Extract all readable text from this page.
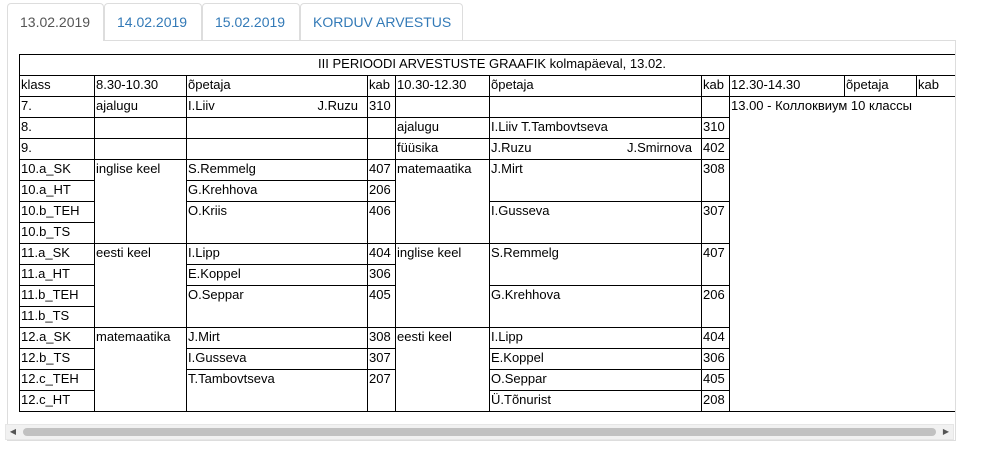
13.02.2019	14.02.2019	15.02.2019	KORDUV ARVESTUS
III PERIOODI ARVESTUSTE GRAAFIK kolmapäeval, 13.02.									
klass	8.30-10.30	õpetaja	kab	10.30-12.30	õpetaja	kab	12.30-14.30	õpetaja	kab
7.	ajalugu	I.Liiv J.Ruzu	310				13.00 - Коллоквиум 10 классы		
8.				ajalugu	I.Liiv T.Tambovtseva	310			
9.				füüsika	J.Ruzu J.Smirnova	402			
10.a_SK	inglise keel	S.Remmelg	407	matemaatika	J.Mirt	308			
10.a_HT		G.Krehhova	206						
10.b_TEH		O.Kriis	406		I.Gusseva	307			
10.b_TS									
11.a_SK	eesti keel	I.Lipp	404	inglise keel	S.Remmelg	407			
11.a_HT		E.Koppel	306						
11.b_TEH		O.Seppar	405		G.Krehhova	206			
11.b_TS									
12.a_SK	matemaatika	J.Mirt	308	eesti keel	I.Lipp	404			
12.b_TS		I.Gusseva	307		E.Koppel	306			
12.c_TEH		T.Tambovtseva	207		O.Seppar	405			
12.c_HT					Ü.Tõnurist	208			
◀	▶
